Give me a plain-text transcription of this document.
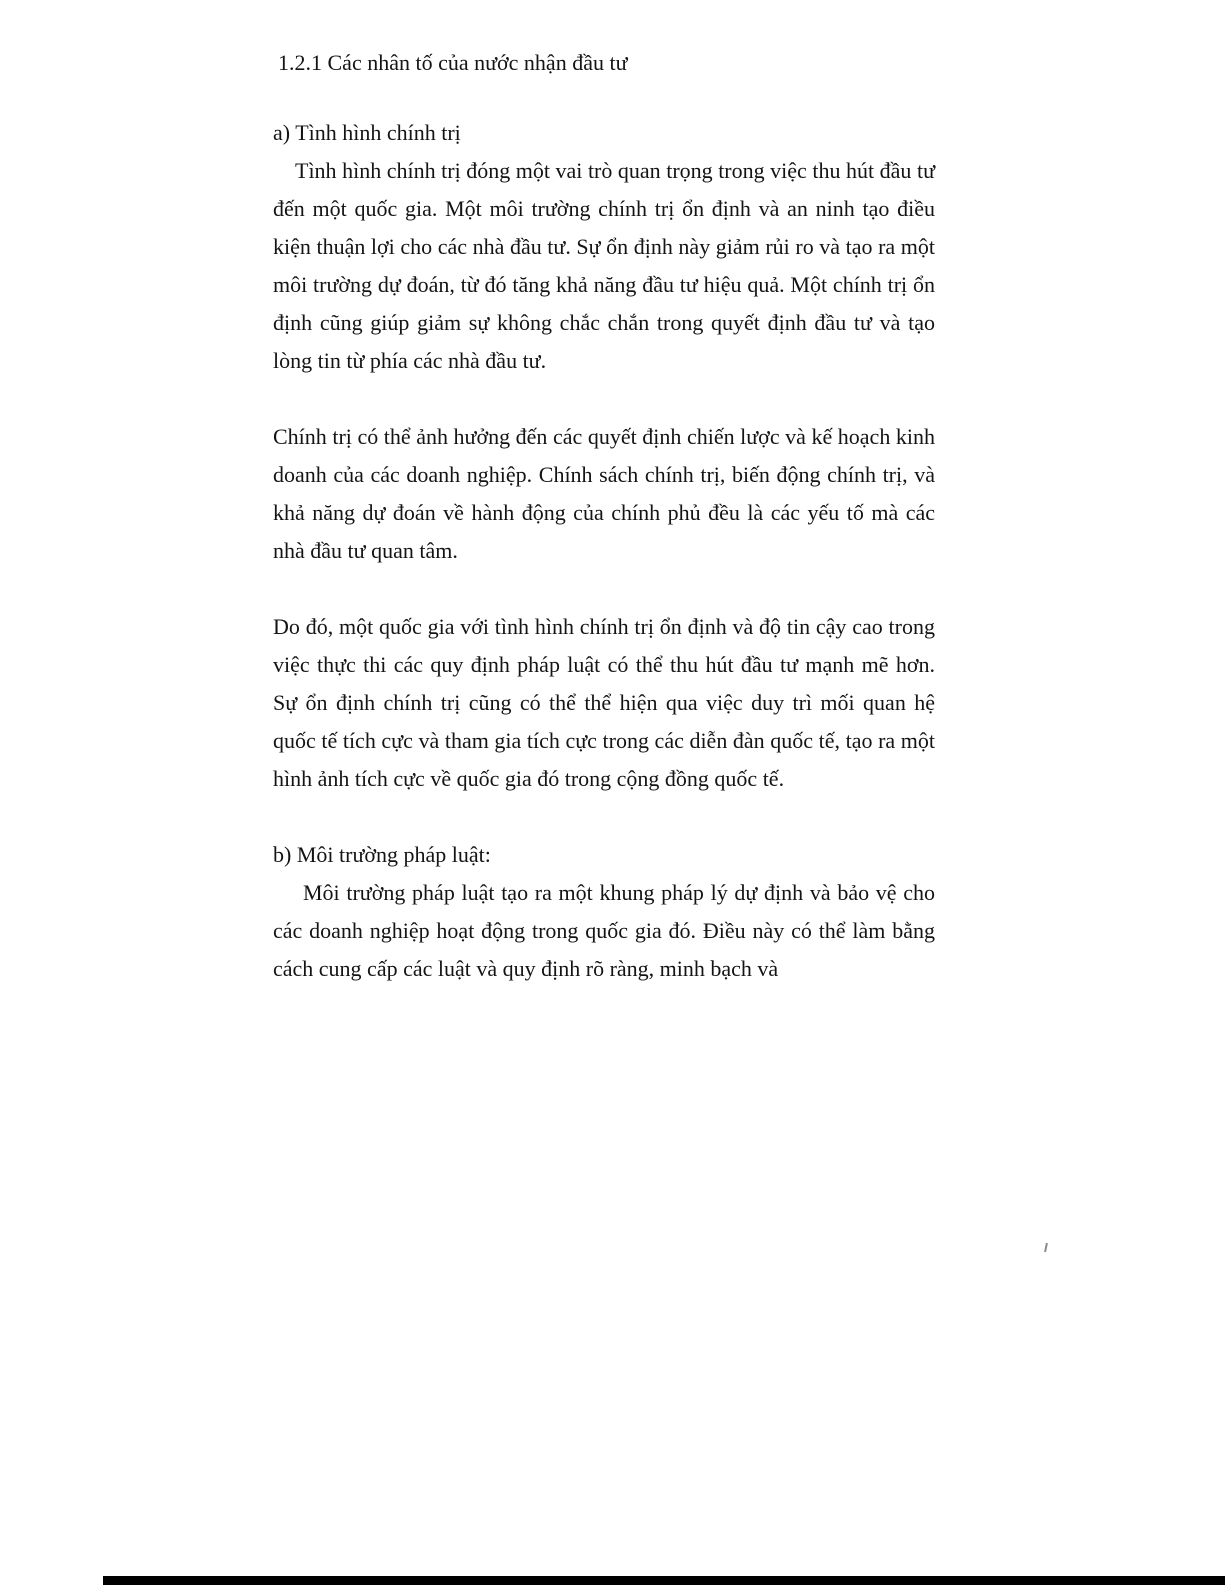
1.2.1 Các nhân tố của nước nhận đầu tư
a) Tình hình chính trị
Tình hình chính trị đóng một vai trò quan trọng trong việc thu hút đầu tư đến một quốc gia. Một môi trường chính trị ổn định và an ninh tạo điều kiện thuận lợi cho các nhà đầu tư. Sự ổn định này giảm rủi ro và tạo ra một môi trường dự đoán, từ đó tăng khả năng đầu tư hiệu quả. Một chính trị ổn định cũng giúp giảm sự không chắc chắn trong quyết định đầu tư và tạo lòng tin từ phía các nhà đầu tư.
Chính trị có thể ảnh hưởng đến các quyết định chiến lược và kế hoạch kinh doanh của các doanh nghiệp. Chính sách chính trị, biến động chính trị, và khả năng dự đoán về hành động của chính phủ đều là các yếu tố mà các nhà đầu tư quan tâm.
Do đó, một quốc gia với tình hình chính trị ổn định và độ tin cậy cao trong việc thực thi các quy định pháp luật có thể thu hút đầu tư mạnh mẽ hơn. Sự ổn định chính trị cũng có thể thể hiện qua việc duy trì mối quan hệ quốc tế tích cực và tham gia tích cực trong các diễn đàn quốc tế, tạo ra một hình ảnh tích cực về quốc gia đó trong cộng đồng quốc tế.
b) Môi trường pháp luật:
Môi trường pháp luật tạo ra một khung pháp lý dự định và bảo vệ cho các doanh nghiệp hoạt động trong quốc gia đó. Điều này có thể làm bằng cách cung cấp các luật và quy định rõ ràng, minh bạch và
